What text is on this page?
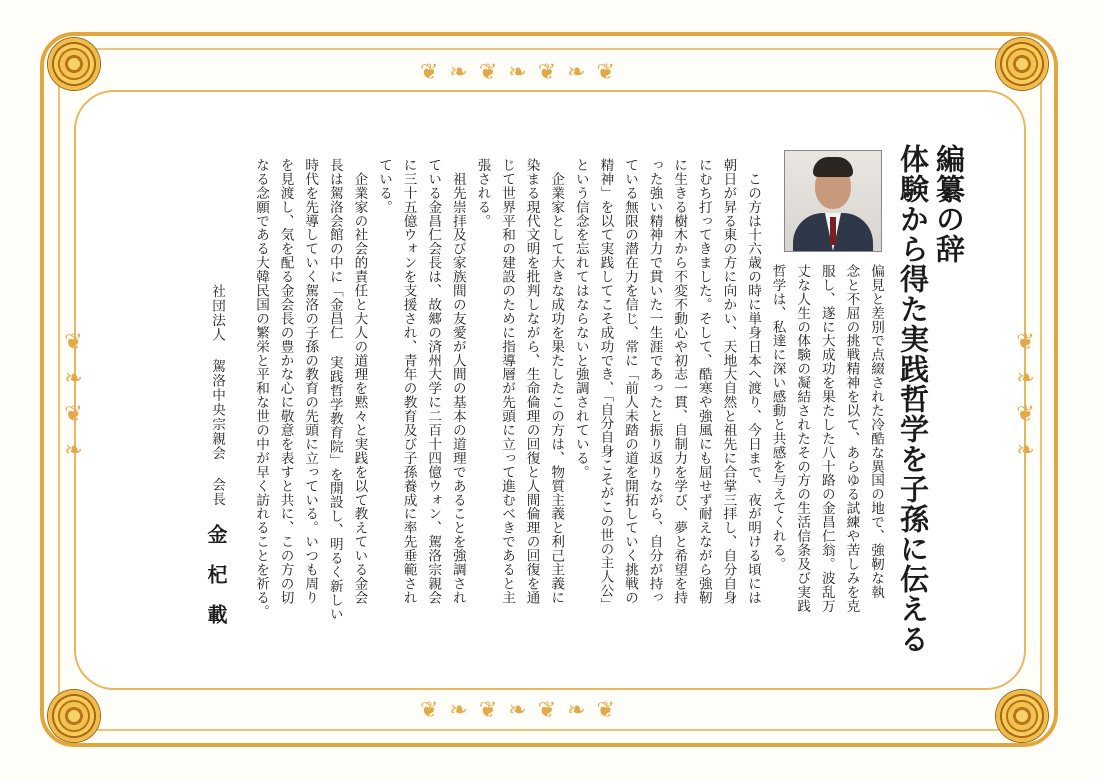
❦ ❧ ❦ ❧ ❦ ❧ ❦
❦ ❧ ❦ ❧ ❦ ❧ ❦
❦ ❧ ❦ ❧	❦ ❧ ❦ ❧
編纂の辞
体験から得た実践哲学を子孫に伝える
偏見と差別で点綴された冷酷な異国の地で、強靭な執
念と不屈の挑戦精神を以て、あらゆる試練や苦しみを克
服し、遂に大成功を果たした八十路の金昌仁翁。波乱万
丈な人生の体験の凝結されたその方の生活信条及び実践
哲学は、私達に深い感動と共感を与えてくれる。
　この方は十六歳の時に単身日本へ渡り、今日まで、夜が明ける頃には
朝日が昇る東の方に向かい、天地大自然と祖先に合掌三拝し、自分自身
にむち打ってきました。そして、酷寒や強風にも屈せず耐えながら強靭
に生きる樹木から不変不動心や初志一貫、自制力を学び、夢と希望を持
った強い精神力で貫いた一生涯であったと振り返りながら、自分が持っ
ている無限の潜在力を信じ、常に「前人未踏の道を開拓していく挑戦の
精神」を以て実践してこそ成功でき、「自分自身こそがこの世の主人公」
という信念を忘れてはならないと強調されている。
　企業家として大きな成功を果たしたこの方は、物質主義と利己主義に
染まる現代文明を批判しながら、生命倫理の回復と人間倫理の回復を通
じて世界平和の建設のために指導層が先頭に立って進むべきであると主
張される。
　祖先崇拝及び家族間の友愛が人間の基本の道理であることを強調され
ている金昌仁会長は、故郷の済州大学に二百十四億ウォン、駕洛宗親会
に三十五億ウォンを支援され、青年の教育及び子孫養成に率先垂範され
ている。
　企業家の社会的責任と大人の道理を黙々と実践を以て教えている金会
長は駕洛会館の中に「金昌仁 実践哲学教育院」を開設し、明るく新しい
時代を先導していく駕洛の子孫の教育の先頭に立っている。いつも周り
を見渡し、気を配る金会長の豊かな心に敬意を表すと共に、この方の切
なる念願である大韓民国の繁栄と平和な世の中が早く訪れることを祈る。
社団法人 駕洛中央宗親会 会長
金杞載
